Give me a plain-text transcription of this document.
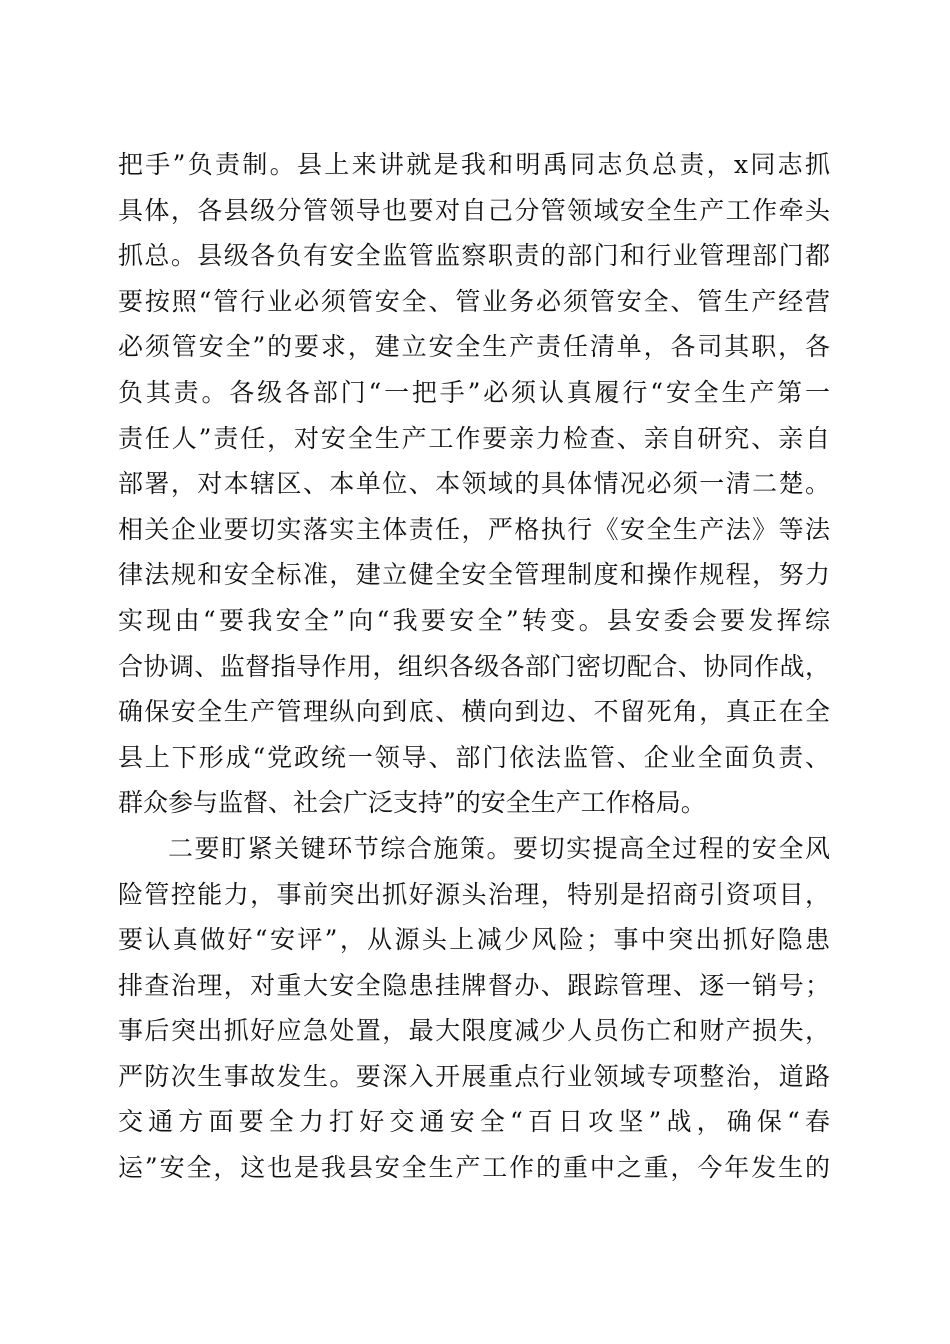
把手”负责制。县上来讲就是我和明禹同志负总责，x同志抓
具体，各县级分管领导也要对自己分管领域安全生产工作牵头
抓总。县级各负有安全监管监察职责的部门和行业管理部门都
要按照“管行业必须管安全、管业务必须管安全、管生产经营
必须管安全”的要求，建立安全生产责任清单，各司其职，各
负其责。各级各部门“一把手”必须认真履行“安全生产第一
责任人”责任，对安全生产工作要亲力检查、亲自研究、亲自
部署，对本辖区、本单位、本领域的具体情况必须一清二楚。
相关企业要切实落实主体责任，严格执行《安全生产法》等法
律法规和安全标准，建立健全安全管理制度和操作规程，努力
实现由“要我安全”向“我要安全”转变。县安委会要发挥综
合协调、监督指导作用，组织各级各部门密切配合、协同作战，
确保安全生产管理纵向到底、横向到边、不留死角，真正在全
县上下形成“党政统一领导、部门依法监管、企业全面负责、
群众参与监督、社会广泛支持”的安全生产工作格局。
二要盯紧关键环节综合施策。要切实提高全过程的安全风
险管控能力，事前突出抓好源头治理，特别是招商引资项目，
要认真做好“安评”，从源头上减少风险；事中突出抓好隐患
排查治理，对重大安全隐患挂牌督办、跟踪管理、逐一销号；
事后突出抓好应急处置，最大限度减少人员伤亡和财产损失，
严防次生事故发生。要深入开展重点行业领域专项整治，道路
交通方面要全力打好交通安全“百日攻坚”战，确保“春
运”安全，这也是我县安全生产工作的重中之重，今年发生的
